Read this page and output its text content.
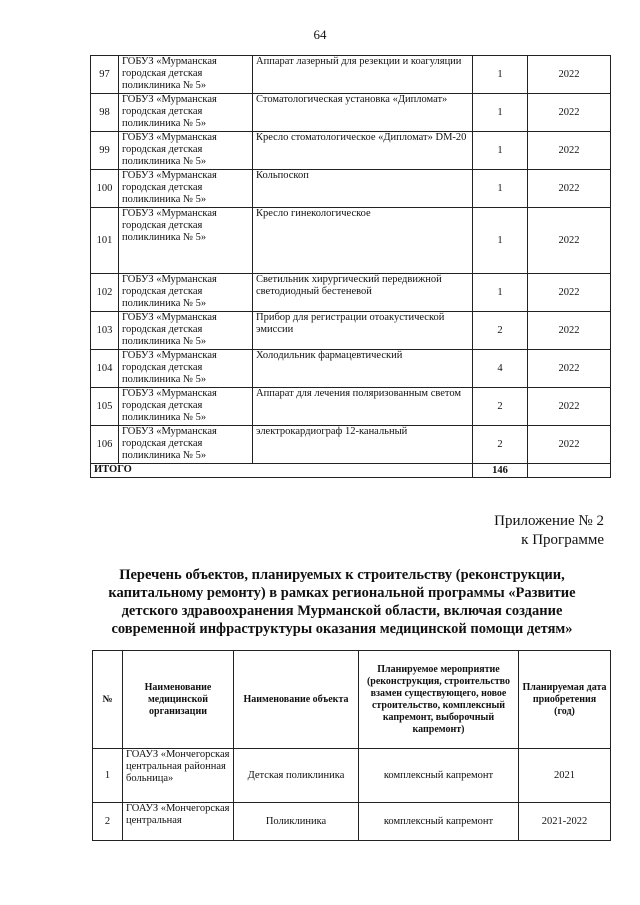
64
97	ГОБУЗ «Мурманская городская детская поликлиника № 5»	Аппарат лазерный для резекции и коагуляции	1	2022
98	ГОБУЗ «Мурманская городская детская поликлиника № 5»	Стоматологическая установка «Дипломат»	1	2022
99	ГОБУЗ «Мурманская городская детская поликлиника № 5»	Кресло стоматологическое «Дипломат» DM-20	1	2022
100	ГОБУЗ «Мурманская городская детская поликлиника № 5»	Кольпоскоп	1	2022
101	ГОБУЗ «Мурманская городская детская поликлиника № 5»	Кресло гинекологическое	1	2022
102	ГОБУЗ «Мурманская городская детская поликлиника № 5»	Светильник хирургический передвижной светодиодный бестеневой	1	2022
103	ГОБУЗ «Мурманская городская детская поликлиника № 5»	Прибор для регистрации отоакустической эмиссии	2	2022
104	ГОБУЗ «Мурманская городская детская поликлиника № 5»	Холодильник фармацевтический	4	2022
105	ГОБУЗ «Мурманская городская детская поликлиника № 5»	Аппарат для лечения поляризованным светом	2	2022
106	ГОБУЗ «Мурманская городская детская поликлиника № 5»	электрокардиограф 12-канальный	2	2022
ИТОГО			146	
Приложение № 2
к Программе
Перечень объектов, планируемых к строительству (реконструкции, капитальному ремонту) в рамках региональной программы «Развитие детского здравоохранения Мурманской области, включая создание современной инфраструктуры оказания медицинской помощи детям»
№	Наименование медицинской организации	Наименование объекта	Планируемое мероприятие (реконструкция, строительство взамен существующего, новое строительство, комплексный капремонт, выборочный капремонт)	Планируемая дата приобретения (год)
1	ГОАУЗ «Мончегорская центральная районная больница»	Детская поликлиника	комплексный капремонт	2021
2	ГОАУЗ «Мончегорская центральная	Поликлиника	комплексный капремонт	2021-2022
